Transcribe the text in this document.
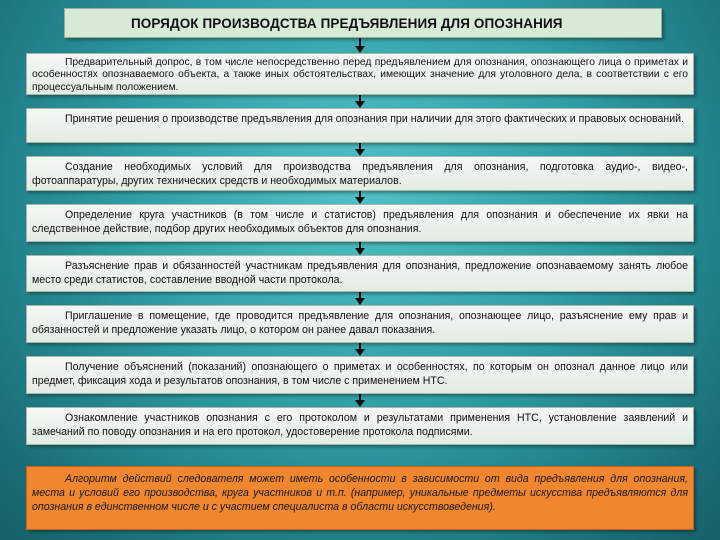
ПОРЯДОК ПРОИЗВОДСТВА ПРЕДЪЯВЛЕНИЯ ДЛЯ ОПОЗНАНИЯ
Предварительный допрос, в том числе непосредственно перед предъявлением для опознания, опознающего лица о приметах и особенностях опознаваемого объекта, а также иных обстоятельствах, имеющих значение для уголовного дела, в соответствии с его процессуальным положением.
Принятие решения о производстве предъявления для опознания при наличии для этого фактических и правовых оснований.
Создание необходимых условий для производства предъявления для опознания, подготовка аудио-, видео-, фотоаппаратуры, других технических средств и необходимых материалов.
Определение круга участников (в том числе и статистов) предъявления для опознания и обеспечение их явки на следственное действие, подбор других необходимых объектов для опознания.
Разъяснение прав и обязанностей участникам предъявления для опознания, предложение опознаваемому занять любое место среди статистов, составление вводной части протокола.
Приглашение в помещение, где проводится предъявление для опознания, опознающее лицо, разъяснение ему прав и обязанностей и предложение указать лицо, о котором он ранее давал показания.
Получение объяснений (показаний) опознающего о приметах и особенностях, по которым он опознал данное лицо или предмет, фиксация хода и результатов опознания, в том числе с применением НТС.
Ознакомление участников опознания с его протоколом и результатами применения НТС, установление заявлений и замечаний по поводу опознания и на его протокол, удостоверение протокола подписями.
Алгоритм действий следователя может иметь особенности в зависимости от вида предъявления для опознания, места и условий его производства, круга участников и т.п. (например, уникальные предметы искусства предъявляются для опознания в единственном числе и с участием специалиста в области искусствоведения).
